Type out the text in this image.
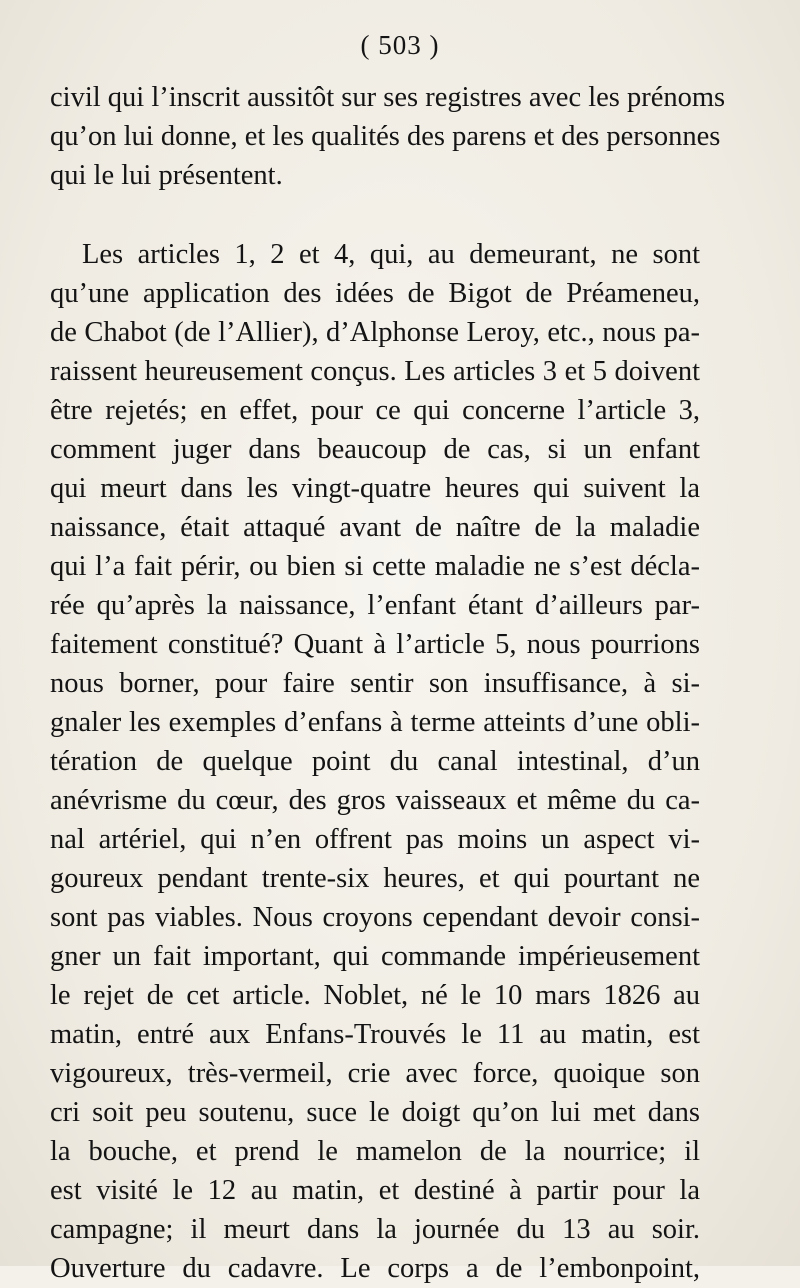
( 503 )
civil qui l’inscrit aussitôt sur ses registres avec les prénoms
qu’on lui donne, et les qualités des parens et des personnes
qui le lui présentent.
Les articles 1, 2 et 4, qui, au demeurant, ne sont
qu’une application des idées de Bigot de Préameneu,
de Chabot (de l’Allier), d’Alphonse Leroy, etc., nous pa-
raissent heureusement conçus. Les articles 3 et 5 doivent
être rejetés; en effet, pour ce qui concerne l’article 3,
comment juger dans beaucoup de cas, si un enfant
qui meurt dans les vingt-quatre heures qui suivent la
naissance, était attaqué avant de naître de la maladie
qui l’a fait périr, ou bien si cette maladie ne s’est décla-
rée qu’après la naissance, l’enfant étant d’ailleurs par-
faitement constitué? Quant à l’article 5, nous pourrions
nous borner, pour faire sentir son insuffisance, à si-
gnaler les exemples d’enfans à terme atteints d’une obli-
tération de quelque point du canal intestinal, d’un
anévrisme du cœur, des gros vaisseaux et même du ca-
nal artériel, qui n’en offrent pas moins un aspect vi-
goureux pendant trente-six heures, et qui pourtant ne
sont pas viables. Nous croyons cependant devoir consi-
gner un fait important, qui commande impérieusement
le rejet de cet article. Noblet, né le 10 mars 1826 au
matin, entré aux Enfans-Trouvés le 11 au matin, est
vigoureux, très-vermeil, crie avec force, quoique son
cri soit peu soutenu, suce le doigt qu’on lui met dans
la bouche, et prend le mamelon de la nourrice; il
est visité le 12 au matin, et destiné à partir pour la
campagne; il meurt dans la journée du 13 au soir.
Ouverture du cadavre. Le corps a de l’embonpoint,
